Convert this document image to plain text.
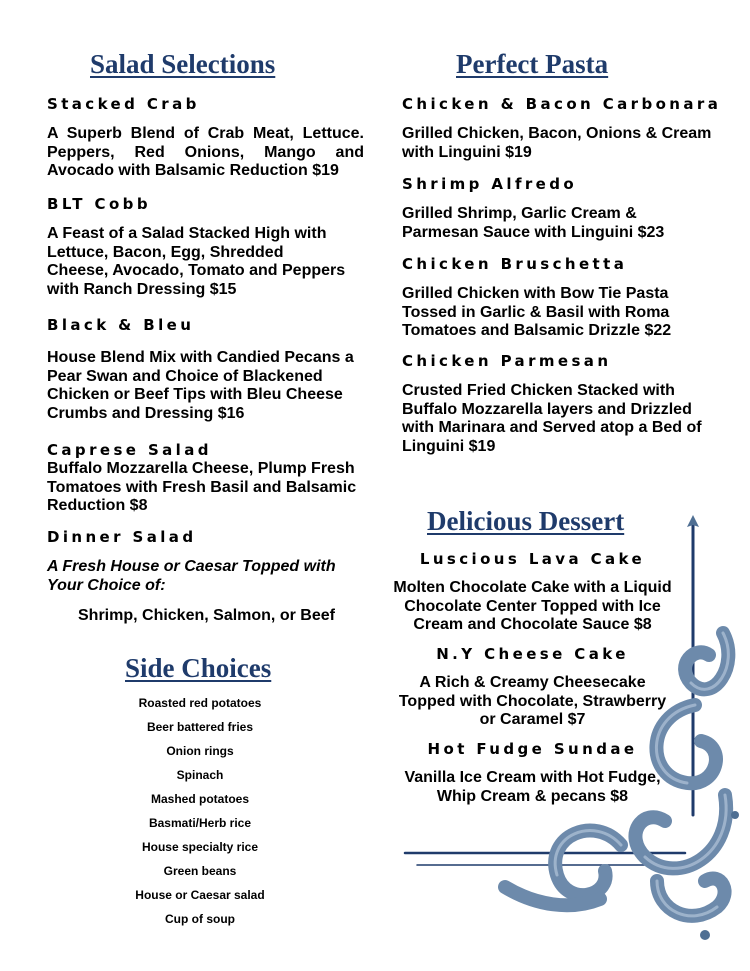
Salad Selections
Stacked Crab

A Superb Blend of Crab Meat, Lettuce. Peppers, Red Onions, Mango and Avocado with Balsamic Reduction $19

BLT Cobb

A Feast of a Salad Stacked High with Lettuce, Bacon, Egg, Shredded Cheese, Avocado, Tomato and Peppers with Ranch Dressing $15

Black & Bleu

House Blend Mix with Candied Pecans a Pear Swan and Choice of Blackened Chicken or Beef Tips with Bleu Cheese Crumbs and Dressing $16

Caprese Salad

Buffalo Mozzarella Cheese, Plump Fresh Tomatoes with Fresh Basil and Balsamic Reduction $8

Dinner Salad

A Fresh House or Caesar Topped with Your Choice of:

Shrimp, Chicken, Salmon, or Beef

Side Choices
Roasted red potatoes
Beer battered fries
Onion rings
Spinach
Mashed potatoes
Basmati/Herb rice
House specialty rice
Green beans
House or Caesar salad
Cup of soup
Perfect Pasta
Chicken & Bacon Carbonara

Grilled Chicken, Bacon, Onions & Cream with Linguini $19

Shrimp Alfredo

Grilled Shrimp, Garlic Cream & Parmesan Sauce with Linguini $23

Chicken Bruschetta

Grilled Chicken with Bow Tie Pasta Tossed in Garlic & Basil with Roma Tomatoes and Balsamic Drizzle $22

Chicken Parmesan

Crusted Fried Chicken Stacked with Buffalo Mozzarella layers and Drizzled with Marinara and Served atop a Bed of Linguini $19

Delicious Dessert
Luscious Lava Cake

Molten Chocolate Cake with a Liquid Chocolate Center Topped with Ice Cream and Chocolate Sauce $8

N.Y Cheese Cake

A Rich & Creamy Cheesecake Topped with Chocolate, Strawberry or Caramel $7

Hot Fudge Sundae

Vanilla Ice Cream with Hot Fudge, Whip Cream & pecans $8
